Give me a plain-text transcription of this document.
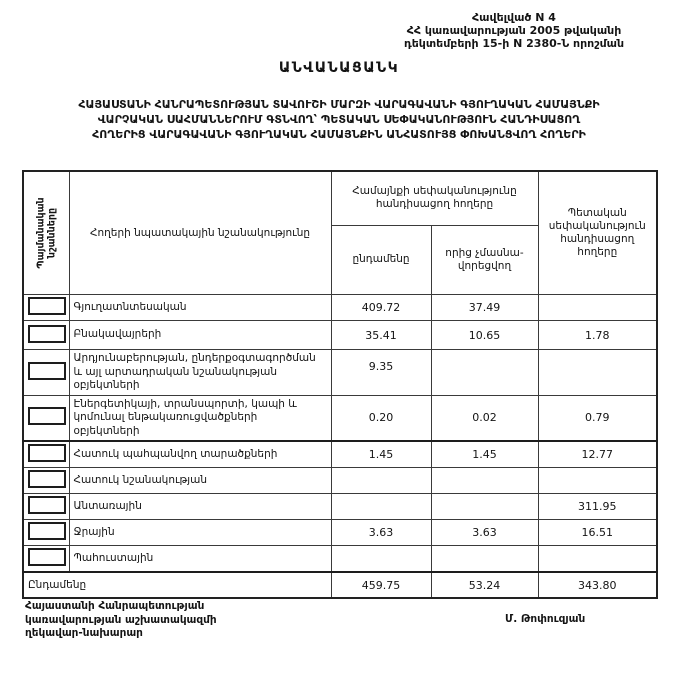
Հավելված N 4
ՀՀ կառավարության 2005 թվականի
դեկտեմբերի 15-ի N 2380-Ն որոշման
ԱՆՎԱՆԱՑԱՆԿ
ՀԱՅԱՍՏԱՆԻ ՀԱՆՐԱՊԵՏՈՒԹՅԱՆ ՏԱՎՈՒՇԻ ՄԱՐԶԻ ՎԱՐԱԳԱՎԱՆԻ ԳՅՈՒՂԱԿԱՆ ՀԱՄԱՅՆՔԻ
ՎԱՐՉԱԿԱՆ ՍԱՀՄԱՆՆԵՐՈՒՄ ԳՏՆՎՈՂ՝ ՊԵՏԱԿԱՆ ՍԵՓԱԿԱՆՈՒԹՅՈՒՆ ՀԱՆԴԻՍԱՑՈՂ
ՀՈՂԵՐԻՑ ՎԱՐԱԳԱՎԱՆԻ ԳՅՈՒՂԱԿԱՆ ՀԱՄԱՅՆՔԻՆ ԱՆՀԱՏՈՒՅՑ ՓՈԽԱՆՑՎՈՂ ՀՈՂԵՐԻ
Պայմանական նշանները	Հողերի նպատակային նշանակությունը	Համայնքի սեփականությունը հանդիսացող հողերը		Պետական սեփականություն հանդիսացող հողերը
		ընդամենը	որից չմասնա-վորեցվող	
	Գյուղատնտեսական	409.72	37.49	
	Բնակավայրերի	35.41	10.65	1.78
	Արդյունաբերության, ընդերքօգտագործման և այլ արտադրական նշանակության օբյեկտների	9.35		
	Էներգետիկայի, տրանսպորտի, կապի և կոմունալ ենթակառուցվածքների օբյեկտների	0.20	0.02	0.79
	Հատուկ պահպանվող տարածքների	1.45	1.45	12.77
	Հատուկ նշանակության			
	Անտառային			311.95
	Ջրային	3.63	3.63	16.51
	Պահուստային			
Ընդամենը		459.75	53.24	343.80
Հայաստանի Հանրապետության
կառավարության աշխատակազմի
ղեկավար-նախարար
Մ. Թոփուզյան
